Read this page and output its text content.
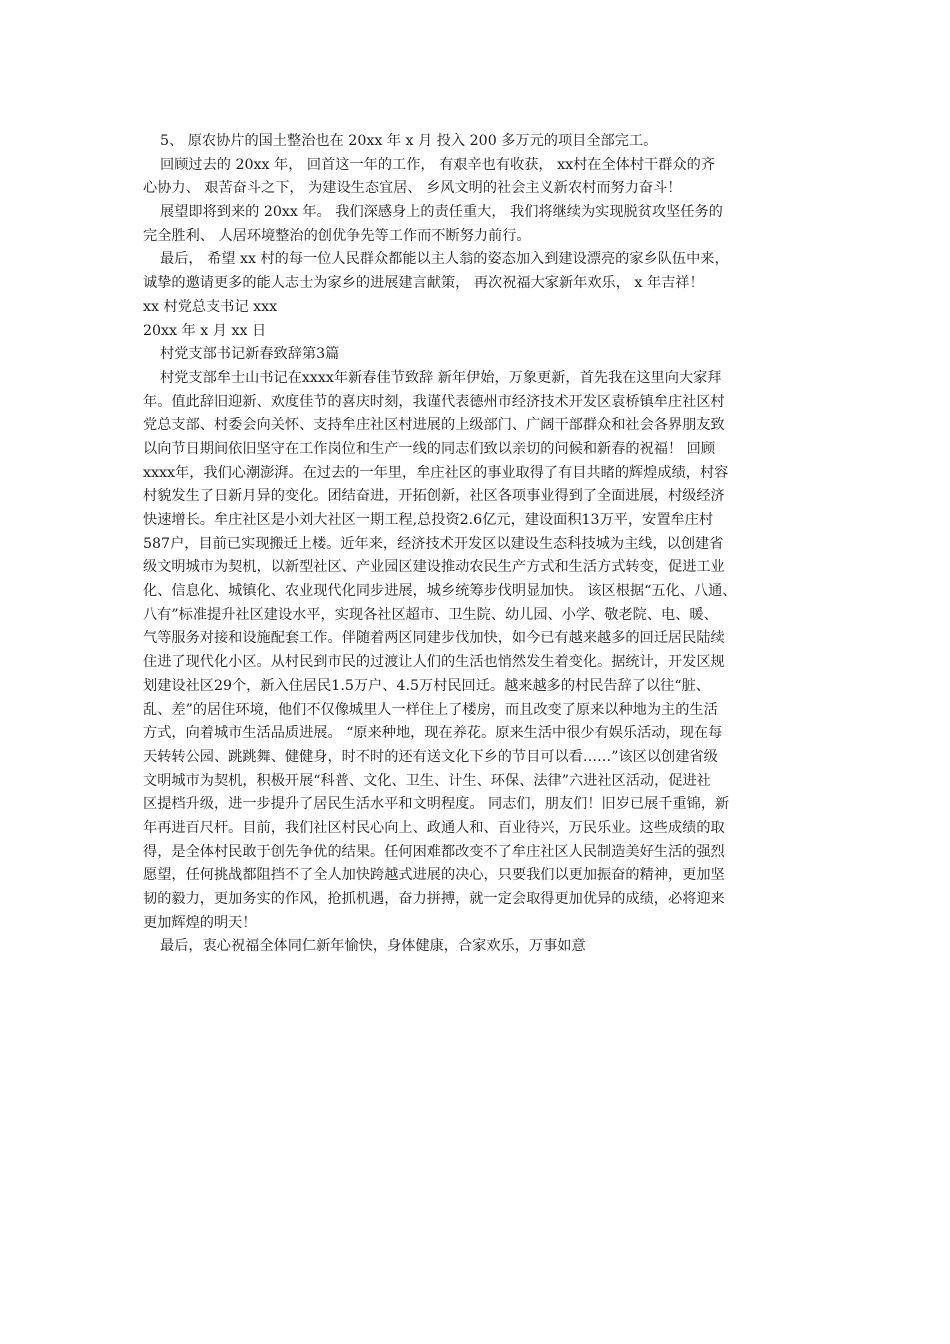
5、 原农协片的国土整治也在 20xx 年 x 月 投入 200 多万元的项目全部完工。
回顾过去的 20xx 年， 回首这一年的工作， 有艰辛也有收获， xx村在全体村干群众的齐
心协力、 艰苦奋斗之下， 为建设生态宜居、 乡风文明的社会主义新农村而努力奋斗！
展望即将到来的 20xx 年。 我们深感身上的责任重大， 我们将继续为实现脱贫攻坚任务的
完全胜利、 人居环境整治的创优争先等工作而不断努力前行。
最后， 希望 xx 村的每一位人民群众都能以主人翁的姿态加入到建设漂亮的家乡队伍中来，
诚挚的邀请更多的能人志士为家乡的进展建言献策， 再次祝福大家新年欢乐， x 年吉祥！
xx 村党总支书记 xxx
20xx 年 x 月 xx 日
村党支部书记新春致辞第3篇
村党支部牟士山书记在xxxx年新春佳节致辞 新年伊始，万象更新，首先我在这里向大家拜
年。值此辞旧迎新、欢度佳节的喜庆时刻，我谨代表德州市经济技术开发区袁桥镇牟庄社区村
党总支部、村委会向关怀、支持牟庄社区村进展的上级部门、广阔干部群众和社会各界朋友致
以向节日期间依旧坚守在工作岗位和生产一线的同志们致以亲切的问候和新春的祝福！ 回顾
xxxx年，我们心潮澎湃。在过去的一年里，牟庄社区的事业取得了有目共睹的辉煌成绩，村容
村貌发生了日新月异的变化。团结奋进，开拓创新，社区各项事业得到了全面进展，村级经济
快速增长。牟庄社区是小刘大社区一期工程,总投资2.6亿元，建设面积13万平，安置牟庄村
587户，目前已实现搬迁上楼。近年来，经济技术开发区以建设生态科技城为主线，以创建省
级文明城市为契机，以新型社区、产业园区建设推动农民生产方式和生活方式转变，促进工业
化、信息化、城镇化、农业现代化同步进展，城乡统筹步伐明显加快。 该区根据“五化、八通、
八有”标准提升社区建设水平，实现各社区超市、卫生院、幼儿园、小学、敬老院、电、暖、
气等服务对接和设施配套工作。伴随着两区同建步伐加快，如今已有越来越多的回迁居民陆续
住进了现代化小区。从村民到市民的过渡让人们的生活也悄然发生着变化。据统计，开发区规
划建设社区29个，新入住居民1.5万户、4.5万村民回迁。越来越多的村民告辞了以往“脏、
乱、差”的居住环境，他们不仅像城里人一样住上了楼房，而且改变了原来以种地为主的生活
方式，向着城市生活品质进展。 “原来种地，现在养花。原来生活中很少有娱乐活动，现在每
天转转公园、跳跳舞、健健身，时不时的还有送文化下乡的节目可以看……”该区以创建省级
文明城市为契机，积极开展“科普、文化、卫生、计生、环保、法律”六进社区活动，促进社
区提档升级，进一步提升了居民生活水平和文明程度。 同志们，朋友们！旧岁已展千重锦，新
年再进百尺杆。目前，我们社区村民心向上、政通人和、百业待兴，万民乐业。这些成绩的取
得，是全体村民敢于创先争优的结果。任何困难都改变不了牟庄社区人民制造美好生活的强烈
愿望，任何挑战都阻挡不了全人加快跨越式进展的决心，只要我们以更加振奋的精神，更加坚
韧的毅力，更加务实的作风，抢抓机遇，奋力拼搏，就一定会取得更加优异的成绩，必将迎来
更加辉煌的明天！
最后，衷心祝福全体同仁新年愉快，身体健康，合家欢乐，万事如意
